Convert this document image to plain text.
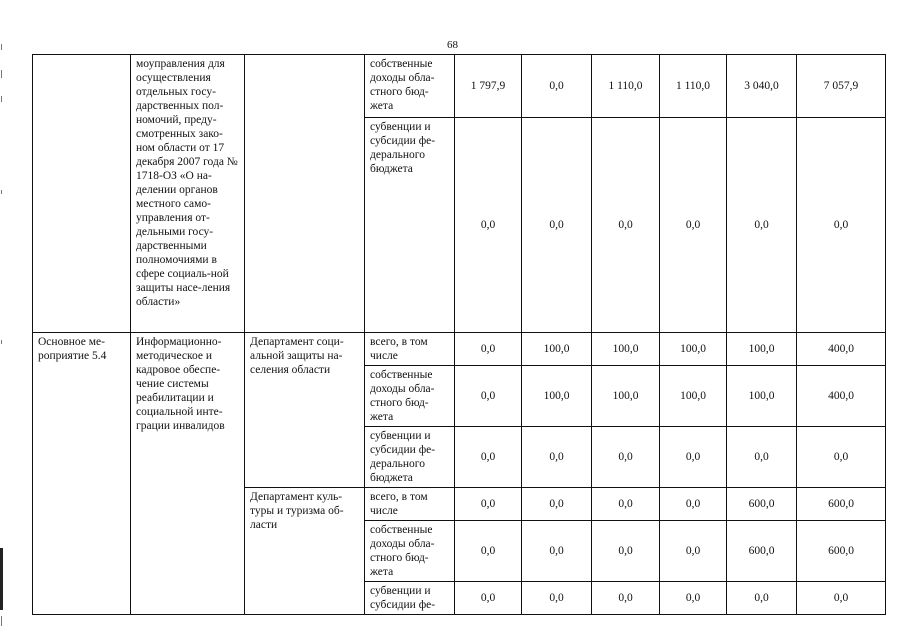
68
	моуправления для осуществления отдельных госу-дарственных пол-номочий, преду-смотренных зако-ном области от 17 декабря 2007 года № 1718-ОЗ «О на-делении органов местного само-управления от-дельными госу-дарственными полномочиями в сфере социаль-ной защиты насе-ления области»		собственные доходы обла-стного бюд-жета	1 797,9	0,0	1 110,0	1 110,0	3 040,0	7 057,9
			субвенции и субсидии фе-дерального бюджета	0,0	0,0	0,0	0,0	0,0	0,0
Основное ме-роприятие 5.4	Информационно-методическое и кадровое обеспе-чение системы реабилитации и социальной инте-грации инвалидов	Департамент соци-альной защиты на-селения области	всего, в том числе	0,0	100,0	100,0	100,0	100,0	400,0
			собственные доходы обла-стного бюд-жета	0,0	100,0	100,0	100,0	100,0	400,0
			субвенции и субсидии фе-дерального бюджета	0,0	0,0	0,0	0,0	0,0	0,0
		Департамент куль-туры и туризма об-ласти	всего, в том числе	0,0	0,0	0,0	0,0	600,0	600,0
			собственные доходы обла-стного бюд-жета	0,0	0,0	0,0	0,0	600,0	600,0
			субвенции и субсидии фе-	0,0	0,0	0,0	0,0	0,0	0,0
